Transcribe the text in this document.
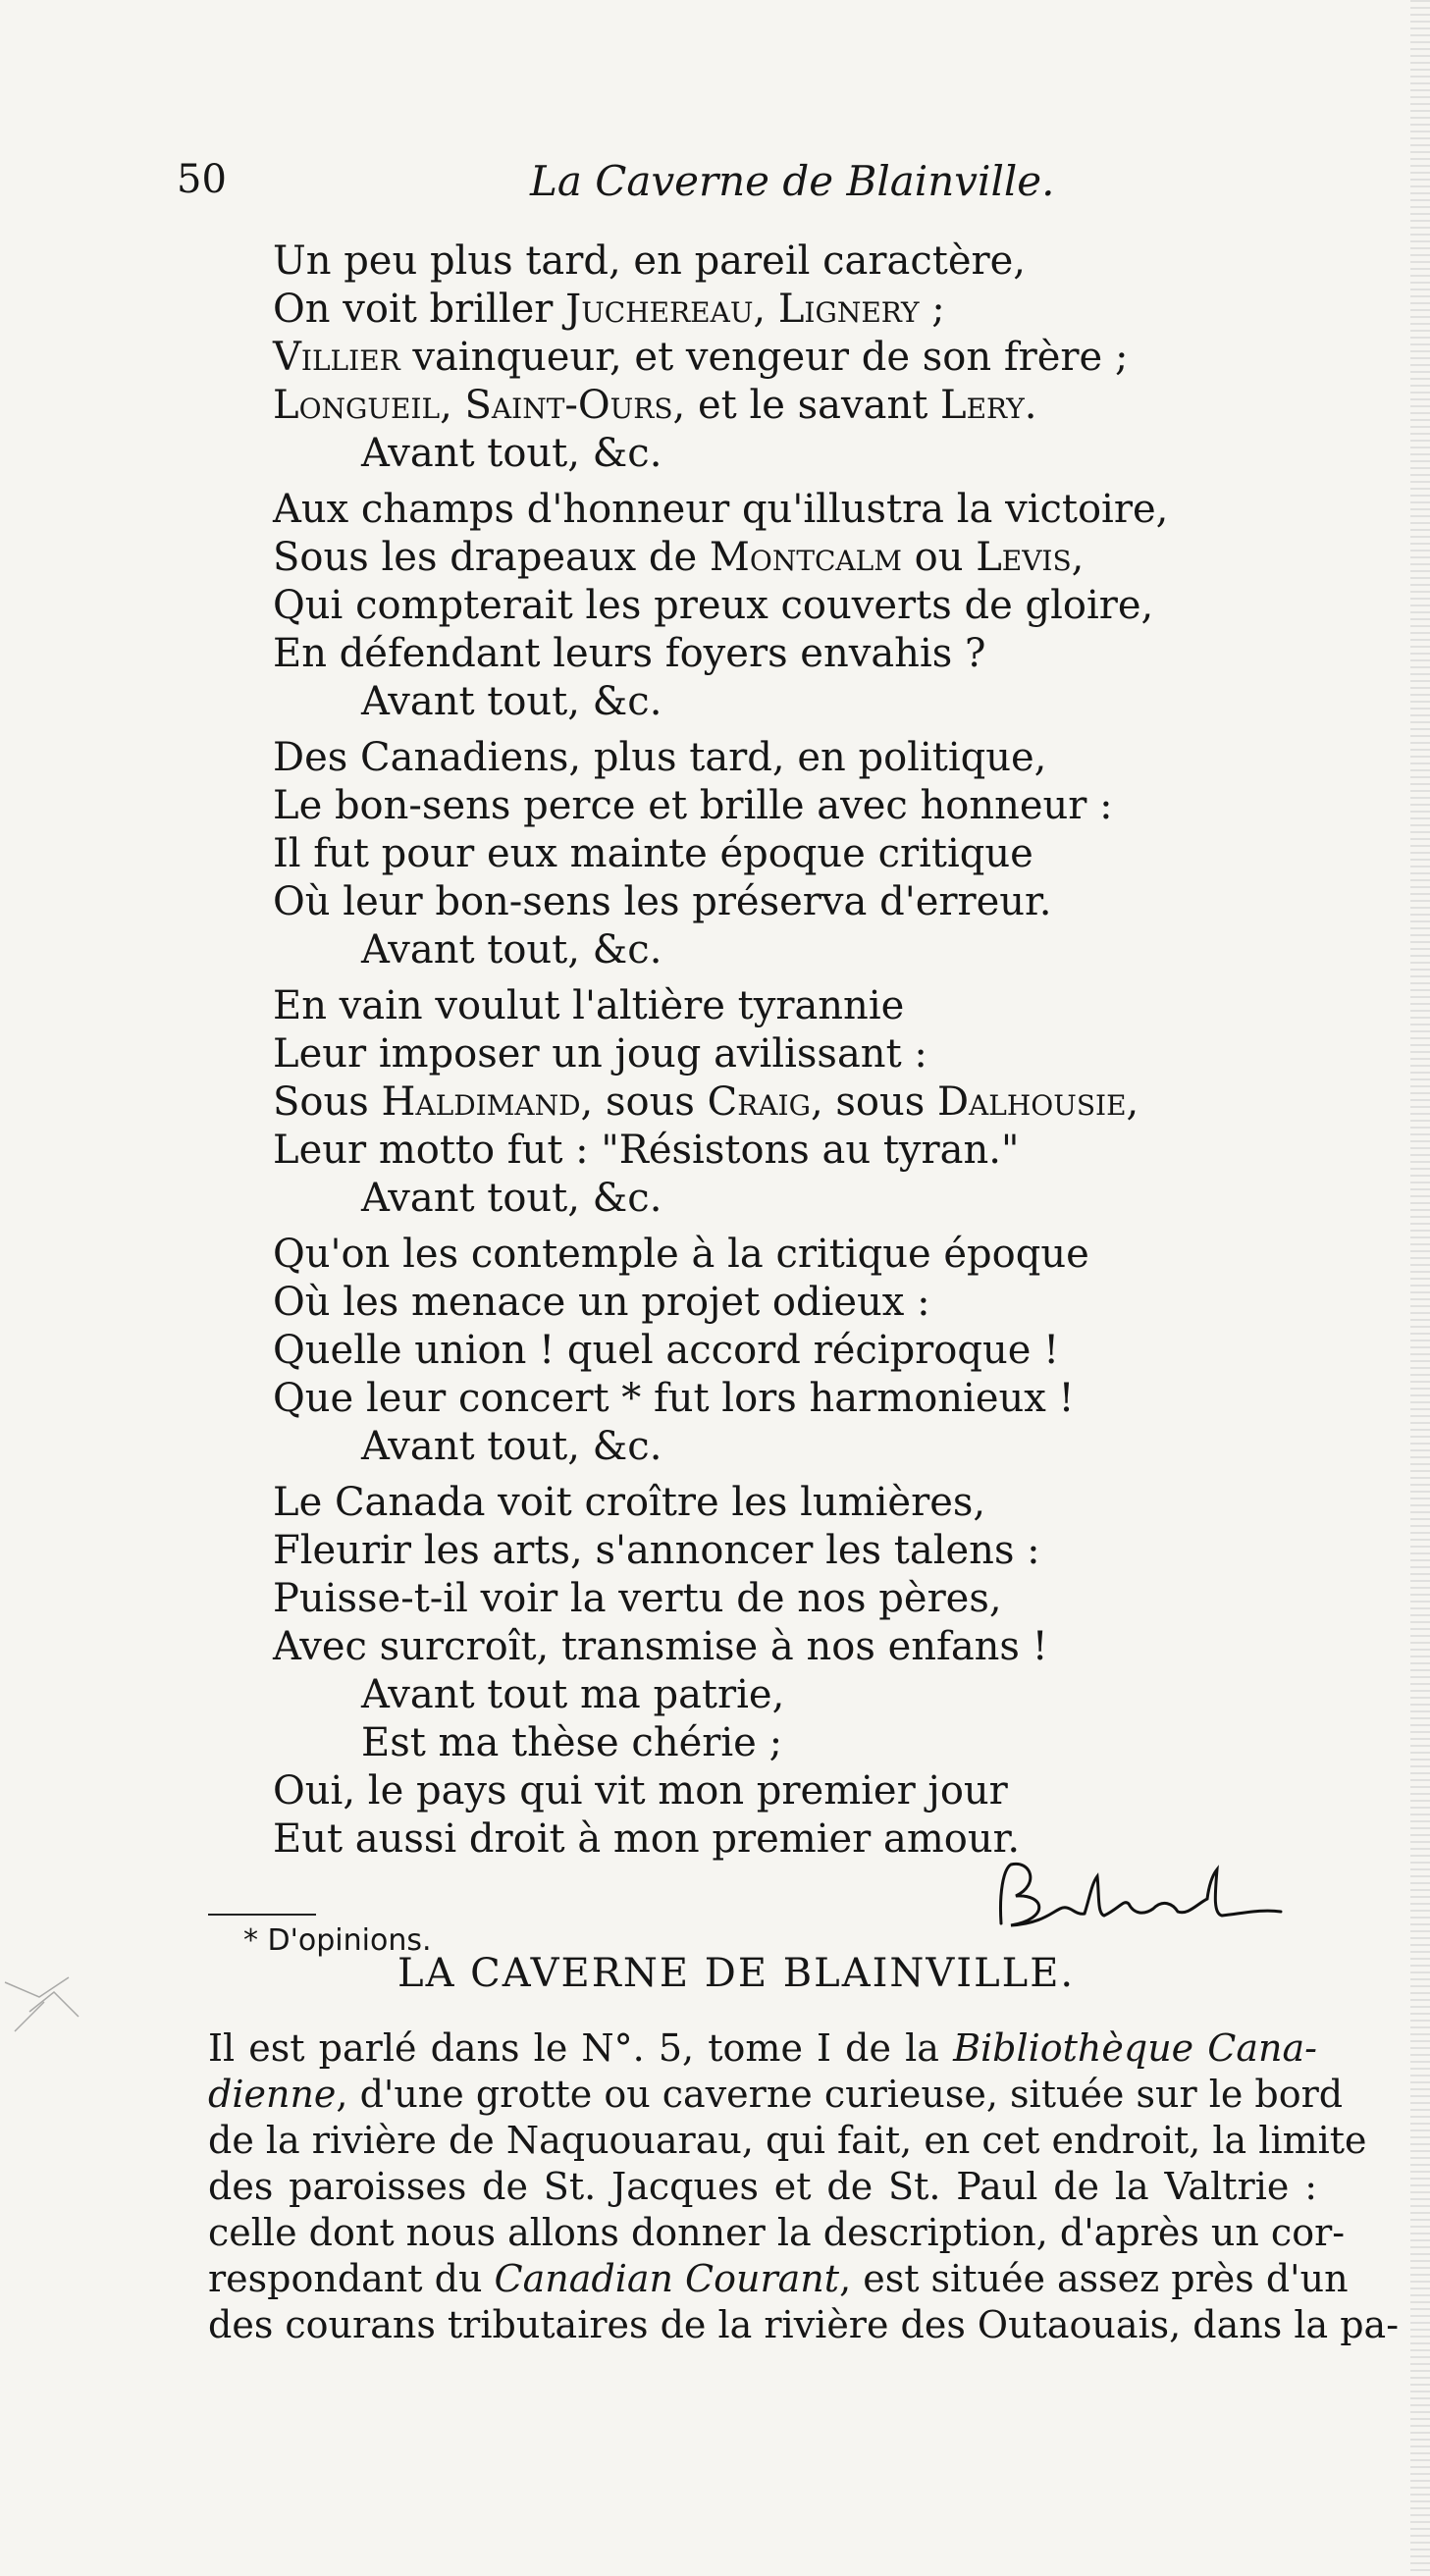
50	La Caverne de Blainville.
Un peu plus tard, en pareil caractère,
On voit briller Juchereau, Lignery ;
Villier vainqueur, et vengeur de son frère ;
Longueil, Saint-Ours, et le savant Lery.
Avant tout, &c.
Aux champs d'honneur qu'illustra la victoire,
Sous les drapeaux de Montcalm ou Levis,
Qui compterait les preux couverts de gloire,
En défendant leurs foyers envahis ?
Avant tout, &c.
Des Canadiens, plus tard, en politique,
Le bon-sens perce et brille avec honneur :
Il fut pour eux mainte époque critique
Où leur bon-sens les préserva d'erreur.
Avant tout, &c.
En vain voulut l'altière tyrannie
Leur imposer un joug avilissant :
Sous Haldimand, sous Craig, sous Dalhousie,
Leur motto fut : "Résistons au tyran."
Avant tout, &c.
Qu'on les contemple à la critique époque
Où les menace un projet odieux :
Quelle union ! quel accord réciproque !
Que leur concert * fut lors harmonieux !
Avant tout, &c.
Le Canada voit croître les lumières,
Fleurir les arts, s'annoncer les talens :
Puisse-t-il voir la vertu de nos pères,
Avec surcroît, transmise à nos enfans !
Avant tout ma patrie,
Est ma thèse chérie ;
Oui, le pays qui vit mon premier jour
Eut aussi droit à mon premier amour.
* D'opinions.
LA CAVERNE DE BLAINVILLE.
Il est parlé dans le N°. 5, tome I de la Bibliothèque Cana-
dienne, d'une grotte ou caverne curieuse, située sur le bord
de la rivière de Naquouarau, qui fait, en cet endroit, la limite
des paroisses de St. Jacques et de St. Paul de la Valtrie :
celle dont nous allons donner la description, d'après un cor-
respondant du Canadian Courant, est située assez près d'un
des courans tributaires de la rivière des Outaouais, dans la pa-
